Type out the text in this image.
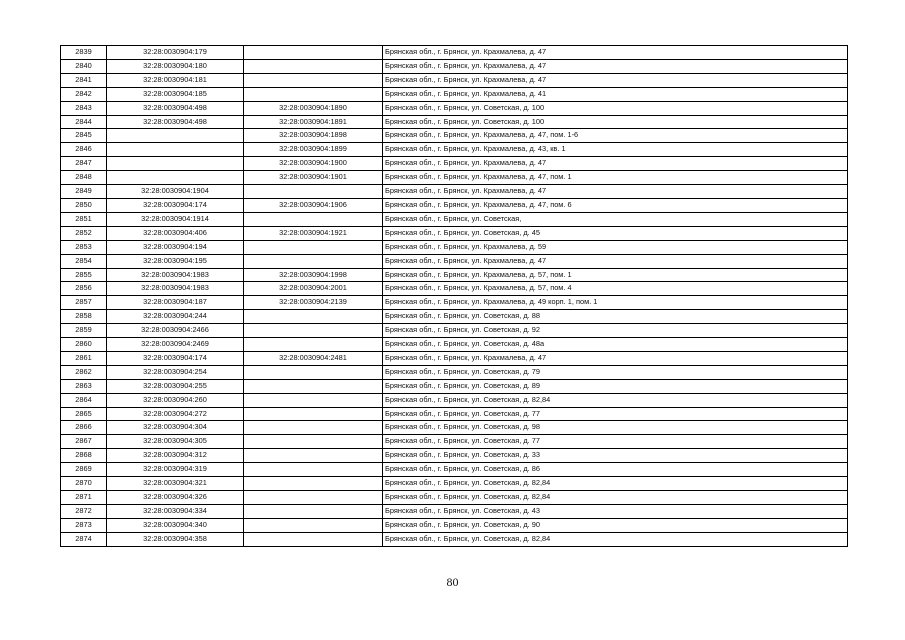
2839	32:28:0030904:179		Брянская обл., г. Брянск, ул. Крахмалева, д. 47
2840	32:28:0030904:180		Брянская обл., г. Брянск, ул. Крахмалева, д. 47
2841	32:28:0030904:181		Брянская обл., г. Брянск, ул. Крахмалева, д. 47
2842	32:28:0030904:185		Брянская обл., г. Брянск, ул. Крахмалева, д. 41
2843	32:28:0030904:498	32:28:0030904:1890	Брянская обл., г. Брянск, ул. Советская, д. 100
2844	32:28:0030904:498	32:28:0030904:1891	Брянская обл., г. Брянск, ул. Советская, д. 100
2845		32:28:0030904:1898	Брянская обл., г. Брянск, ул. Крахмалева, д. 47, пом. 1-6
2846		32:28:0030904:1899	Брянская обл., г. Брянск, ул. Крахмалева, д. 43, кв. 1
2847		32:28:0030904:1900	Брянская обл., г. Брянск, ул. Крахмалева, д. 47
2848		32:28:0030904:1901	Брянская обл., г. Брянск, ул. Крахмалева, д. 47, пом. 1
2849	32:28:0030904:1904		Брянская обл., г. Брянск, ул. Крахмалева, д. 47
2850	32:28:0030904:174	32:28:0030904:1906	Брянская обл., г. Брянск, ул. Крахмалева, д. 47, пом. 6
2851	32:28:0030904:1914		Брянская обл., г. Брянск, ул. Советская,
2852	32:28:0030904:406	32:28:0030904:1921	Брянская обл., г. Брянск, ул. Советская, д. 45
2853	32:28:0030904:194		Брянская обл., г. Брянск, ул. Крахмалева, д. 59
2854	32:28:0030904:195		Брянская обл., г. Брянск, ул. Крахмалева, д. 47
2855	32:28:0030904:1983	32:28:0030904:1998	Брянская обл., г. Брянск, ул. Крахмалева, д. 57, пом. 1
2856	32:28:0030904:1983	32:28:0030904:2001	Брянская обл., г. Брянск, ул. Крахмалева, д. 57, пом. 4
2857	32:28:0030904:187	32:28:0030904:2139	Брянская обл., г. Брянск, ул. Крахмалева, д. 49 корп. 1, пом. 1
2858	32:28:0030904:244		Брянская обл., г. Брянск, ул. Советская, д. 88
2859	32:28:0030904:2466		Брянская обл., г. Брянск, ул. Советская, д. 92
2860	32:28:0030904:2469		Брянская обл., г. Брянск, ул. Советская, д. 48а
2861	32:28:0030904:174	32:28:0030904:2481	Брянская обл., г. Брянск, ул. Крахмалева, д. 47
2862	32:28:0030904:254		Брянская обл., г. Брянск, ул. Советская, д. 79
2863	32:28:0030904:255		Брянская обл., г. Брянск, ул. Советская, д. 89
2864	32:28:0030904:260		Брянская обл., г. Брянск, ул. Советская, д. 82,84
2865	32:28:0030904:272		Брянская обл., г. Брянск, ул. Советская, д. 77
2866	32:28:0030904:304		Брянская обл., г. Брянск, ул. Советская, д. 98
2867	32:28:0030904:305		Брянская обл., г. Брянск, ул. Советская, д. 77
2868	32:28:0030904:312		Брянская обл., г. Брянск, ул. Советская, д. 33
2869	32:28:0030904:319		Брянская обл., г. Брянск, ул. Советская, д. 86
2870	32:28:0030904:321		Брянская обл., г. Брянск, ул. Советская, д. 82,84
2871	32:28:0030904:326		Брянская обл., г. Брянск, ул. Советская, д. 82,84
2872	32:28:0030904:334		Брянская обл., г. Брянск, ул. Советская, д. 43
2873	32:28:0030904:340		Брянская обл., г. Брянск, ул. Советская, д. 90
2874	32:28:0030904:358		Брянская обл., г. Брянск, ул. Советская, д. 82,84
80
